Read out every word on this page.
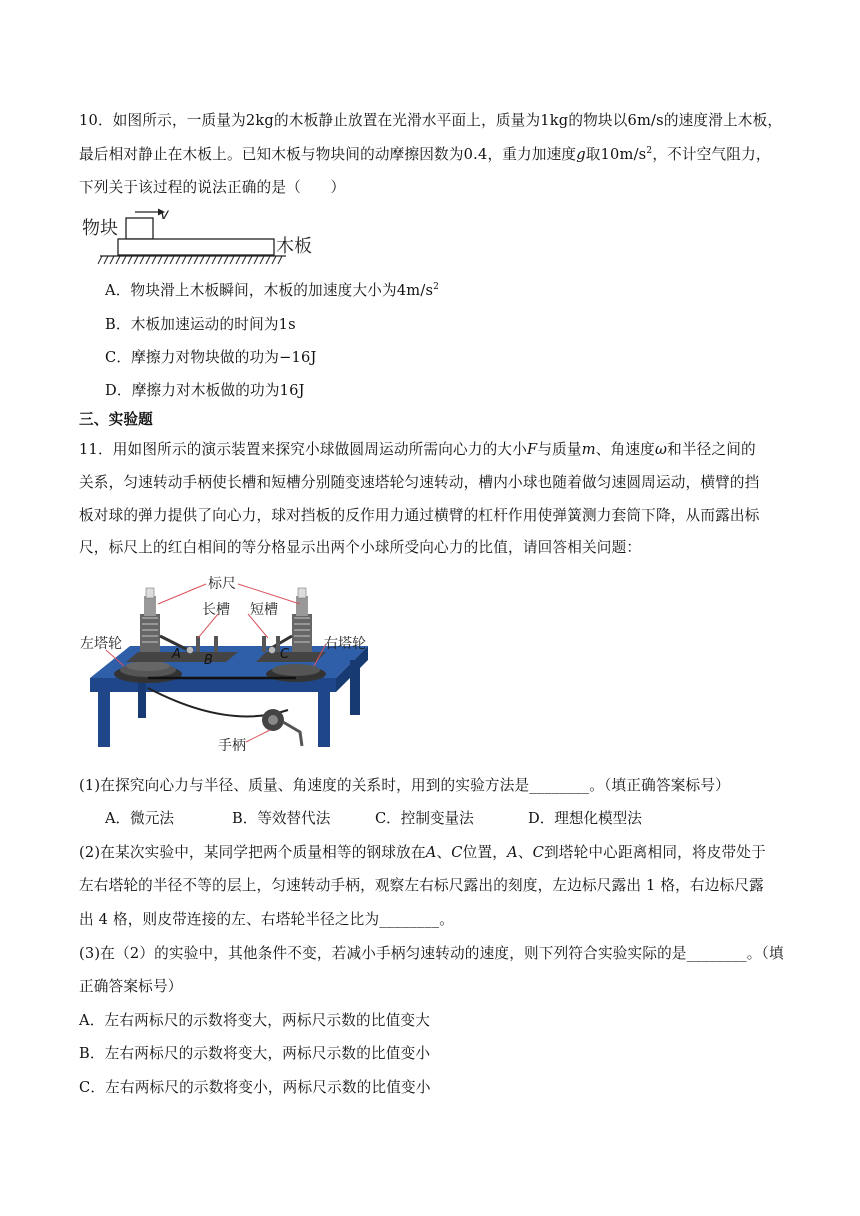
10．如图所示，一质量为2kg的木板静止放置在光滑水平面上，质量为1kg的物块以6m/s的速度滑上木板，
最后相对静止在木板上。已知木板与物块间的动摩擦因数为0.4，重力加速度g取$10m/s^2$，不计空气阻力，
下列关于该过程的说法正确的是（　　）
物块
v
木板
A．物块滑上木板瞬间，木板的加速度大小为$4m/s^2$
B．木板加速运动的时间为1s
C．摩擦力对物块做的功为−16J
D．摩擦力对木板做的功为16J
三、实验题
11．用如图所示的演示装置来探究小球做圆周运动所需向心力的大小F与质量m、角速度ω和半径之间的
关系，匀速转动手柄使长槽和短槽分别随变速塔轮匀速转动，槽内小球也随着做匀速圆周运动，横臂的挡
板对球的弹力提供了向心力，球对挡板的反作用力通过横臂的杠杆作用使弹簧测力套筒下降，从而露出标
尺，标尺上的红白相间的等分格显示出两个小球所受向心力的比值，请回答相关问题：
标尺
长槽 短槽
左塔轮	右塔轮
手柄
A B	C
(1)在探究向心力与半径、质量、角速度的关系时，用到的实验方法是________。（填正确答案标号）
A．微元法	B．等效替代法	C．控制变量法	D．理想化模型法
(2)在某次实验中，某同学把两个质量相等的钢球放在A、C位置，A、C到塔轮中心距离相同，将皮带处于
左右塔轮的半径不等的层上，匀速转动手柄，观察左右标尺露出的刻度，左边标尺露出 1 格，右边标尺露
出 4 格，则皮带连接的左、右塔轮半径之比为________。
(3)在（2）的实验中，其他条件不变，若减小手柄匀速转动的速度，则下列符合实验实际的是________。（填
正确答案标号）
A．左右两标尺的示数将变大，两标尺示数的比值变大
B．左右两标尺的示数将变大，两标尺示数的比值变小
C．左右两标尺的示数将变小，两标尺示数的比值变小
